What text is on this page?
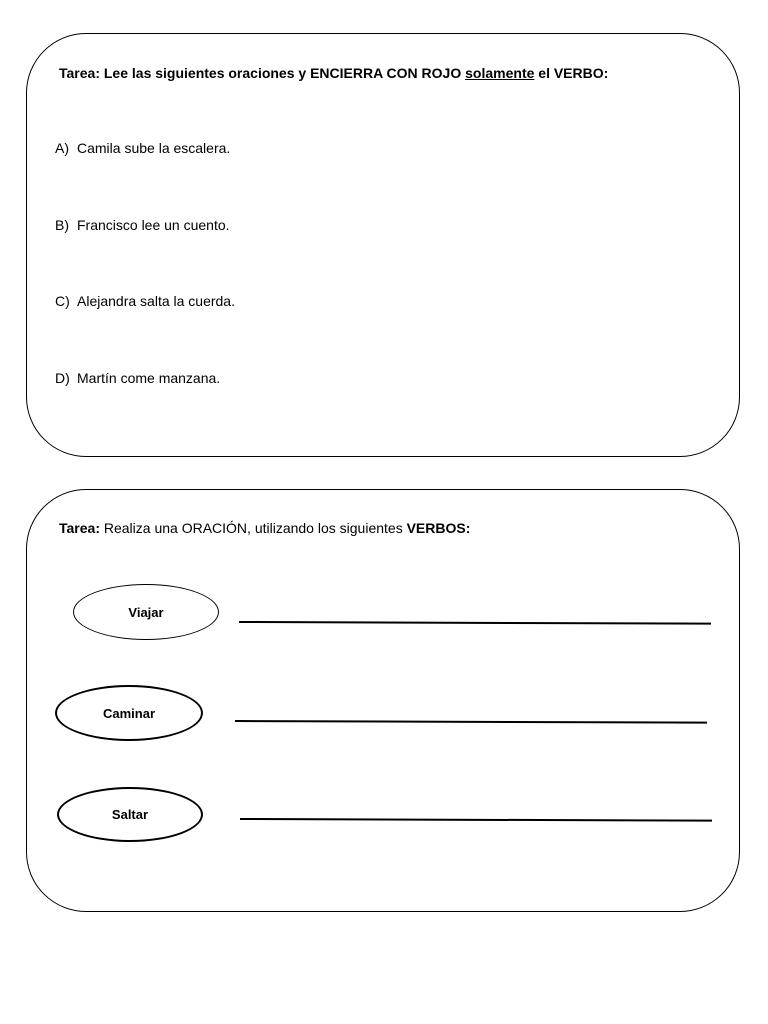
Tarea: Lee las siguientes oraciones y ENCIERRA CON ROJO solamente el VERBO:
A) Camila sube la escalera.
B) Francisco lee un cuento.
C) Alejandra salta la cuerda.
D) Martín come manzana.
Tarea: Realiza una ORACIÓN, utilizando los siguientes VERBOS:
Viajar
Caminar
Saltar
